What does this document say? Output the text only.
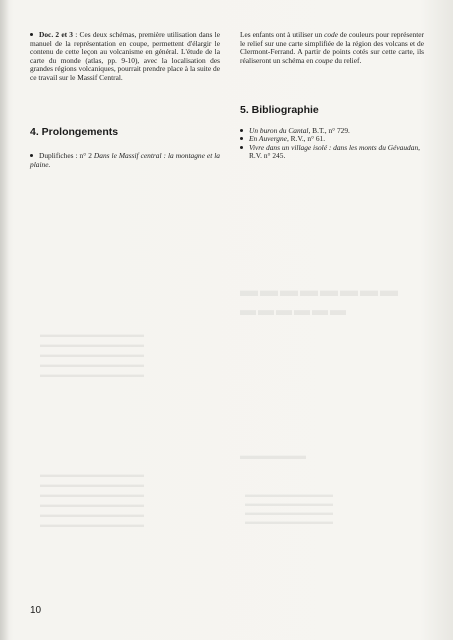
▬▬▬▬▬▬▬▬
▬▬▬▬▬▬
▬▬▬▬▬▬
▬▬▬▬▬▬▬▬▬▬▬
▬▬▬▬▬▬▬▬▬▬▬
▬▬▬▬▬▬▬▬▬▬▬
▬▬▬▬▬▬▬▬▬▬▬
▬▬▬▬▬▬▬▬▬▬▬▬▬
▬▬▬▬▬▬▬▬▬▬▬▬▬
▬▬▬▬▬▬▬▬▬▬▬▬▬
▬▬▬▬▬▬▬▬▬▬▬▬▬
▬▬▬▬▬▬▬▬▬▬▬▬▬
▬▬▬▬▬▬▬▬▬▬▬▬▬
▬▬▬▬▬▬▬▬▬▬▬▬▬
▬▬▬▬▬▬▬▬▬▬▬▬▬
▬▬▬▬▬▬▬▬▬▬▬▬▬
▬▬▬▬▬▬▬▬▬▬▬▬▬
▬▬▬▬▬▬▬▬▬▬▬▬▬

Doc. 2 et 3 : Ces deux schémas, première utilisation dans le manuel de la représentation en coupe, permettent d'élargir le contenu de cette leçon au volcanisme en général. L'étude de la carte du monde (atlas, pp. 9-10), avec la localisation des grandes régions volcaniques, pourrait prendre place à la suite de ce travail sur le Massif Central.

4. Prolongements

Duplifiches : n° 2 Dans le Massif central : la montagne et la plaine.

Les enfants ont à utiliser un code de couleurs pour représenter le relief sur une carte simplifiée de la région des volcans et de Clermont-Ferrand. A partir de points cotés sur cette carte, ils réaliseront un schéma en coupe du relief.

5. Bibliographie
Un buron du Cantal, B.T., n° 729.
En Auvergne, R.V., n° 61.
Vivre dans un village isolé : dans les monts du Gévaudan, R.V. n° 245.
10
